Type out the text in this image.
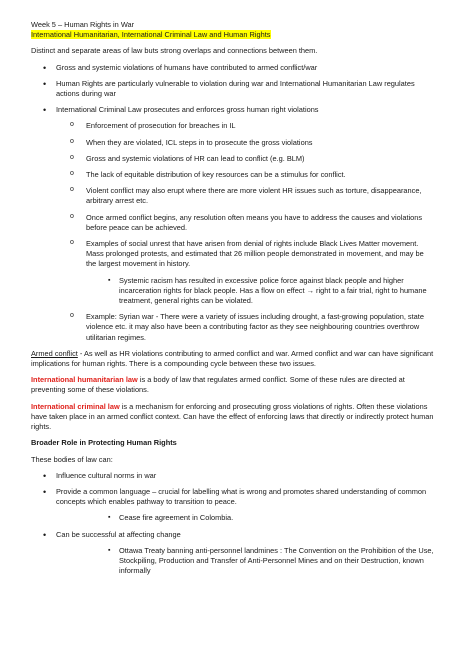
Week 5 – Human Rights in War

International Humanitarian, International Criminal Law and Human Rights

Distinct and separate areas of law buts strong overlaps and connections between them.

• Gross and systemic violations of humans have contributed to armed conflict/war
• Human Rights are particularly vulnerable to violation during war and International Humanitarian Law regulates actions during war
• International Criminal Law prosecutes and enforces gross human right violations
o Enforcement of prosecution for breaches in IL
o When they are violated, ICL steps in to prosecute the gross violations
o Gross and systemic violations of HR can lead to conflict (e.g. BLM)
o The lack of equitable distribution of key resources can be a stimulus for conflict.
o Violent conflict may also erupt where there are more violent HR issues such as torture, disappearance, arbitrary arrest etc.
o Once armed conflict begins, any resolution often means you have to address the causes and violations before peace can be achieved.
o Examples of social unrest that have arisen from denial of rights include Black Lives Matter movement. Mass prolonged protests, and estimated that 26 million people demonstrated in movement, and may be the largest movement in history.
▪ Systemic racism has resulted in excessive police force against black people and higher incarceration rights for black people. Has a flow on effect → right to a fair trial, right to humane treatment, general rights can be violated.
o Example: Syrian war - There were a variety of issues including drought, a fast-growing population, state violence etc. it may also have been a contributing factor as they see neighbouring countries overthrow utilitarian regimes.

Armed conflict - As well as HR violations contributing to armed conflict and war. Armed conflict and war can have significant implications for human rights. There is a compounding cycle between these two issues.

International humanitarian law is a body of law that regulates armed conflict. Some of these rules are directed at preventing some of these violations.

International criminal law is a mechanism for enforcing and prosecuting gross violations of rights. Often these violations have taken place in an armed conflict context. Can have the effect of enforcing laws that directly or indirectly protect human rights.

Broader Role in Protecting Human Rights

These bodies of law can:

• Influence cultural norms in war
• Provide a common language – crucial for labelling what is wrong and promotes shared understanding of common concepts which enables pathway to transition to peace.
▪ Cease fire agreement in Colombia.
• Can be successful at affecting change
▪ Ottawa Treaty banning anti-personnel landmines : The Convention on the Prohibition of the Use, Stockpiling, Production and Transfer of Anti-Personnel Mines and on their Destruction, known informally
